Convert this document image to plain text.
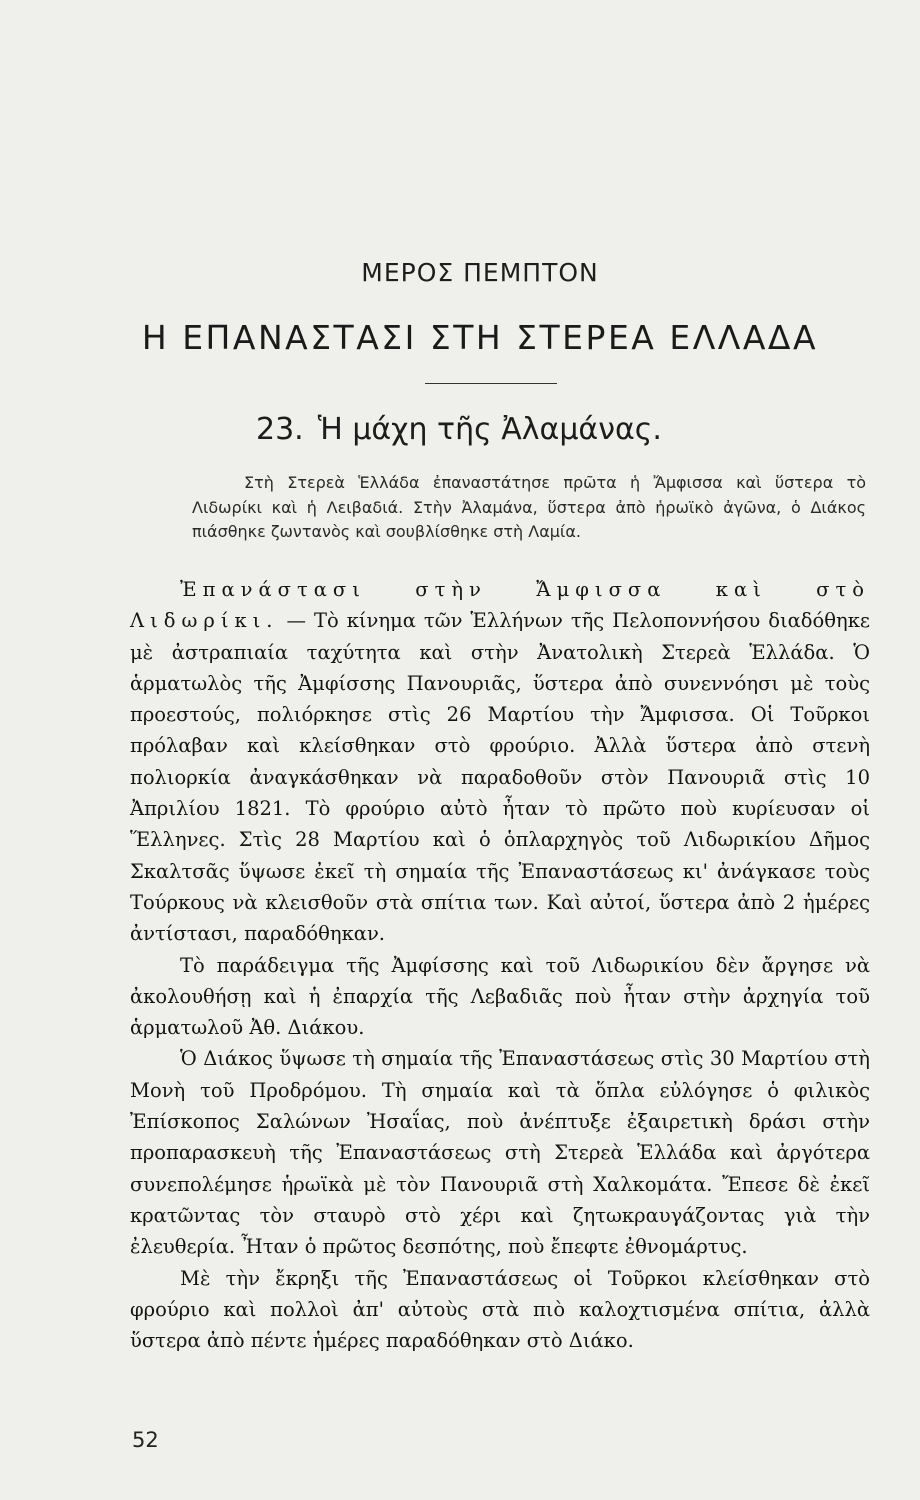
ΜΕΡΟΣ ΠΕΜΠΤΟΝ
Η ΕΠΑΝΑΣΤΑΣΙ ΣΤΗ ΣΤΕΡΕΑ ΕΛΛΑΔΑ
23. Ἡ μάχη τῆς Ἀλαμάνας.
Στὴ Στερεὰ Ἑλλάδα ἐπαναστάτησε πρῶτα ἡ Ἄμφισσα καὶ ὕστερα τὸ Λιδωρίκι καὶ ἡ Λειβαδιά. Στὴν Ἀλαμάνα, ὕστερα ἀπὸ ἡρωϊκὸ ἀγῶνα, ὁ Διάκος πιάσθηκε ζωντανὸς καὶ σουβλίσθηκε στὴ Λαμία.

Ἐπανάστασι στὴν Ἄμφισσα καὶ στὸ Λιδωρίκι. — Τὸ κίνημα τῶν Ἑλλήνων τῆς Πελοποννήσου διαδόθηκε μὲ ἀστραπιαία ταχύτητα καὶ στὴν Ἀνατολικὴ Στερεὰ Ἑλλάδα. Ὁ ἁρματωλὸς τῆς Ἀμφίσσης Πανουριᾶς, ὕστερα ἀπὸ συνεννόησι μὲ τοὺς προεστούς, πολιόρκησε στὶς 26 Μαρτίου τὴν Ἄμφισσα. Οἱ Τοῦρκοι πρόλαβαν καὶ κλείσθηκαν στὸ φρούριο. Ἀλλὰ ὕστερα ἀπὸ στενὴ πολιορκία ἀναγκάσθηκαν νὰ παραδοθοῦν στὸν Πανουριᾶ στὶς 10 Ἀπριλίου 1821. Τὸ φρούριο αὐτὸ ἦταν τὸ πρῶτο ποὺ κυρίευσαν οἱ Ἕλληνες. Στὶς 28 Μαρτίου καὶ ὁ ὁπλαρχηγὸς τοῦ Λιδωρικίου Δῆμος Σκαλτσᾶς ὕψωσε ἐκεῖ τὴ σημαία τῆς Ἐπαναστάσεως κι' ἀνάγκασε τοὺς Τούρκους νὰ κλεισθοῦν στὰ σπίτια των. Καὶ αὐτοί, ὕστερα ἀπὸ 2 ἡμέρες ἀντίστασι, παραδόθηκαν.

Τὸ παράδειγμα τῆς Ἀμφίσσης καὶ τοῦ Λιδωρικίου δὲν ἄργησε νὰ ἀκολουθήσῃ καὶ ἡ ἐπαρχία τῆς Λεβαδιᾶς ποὺ ἦταν στὴν ἀρχηγία τοῦ ἁρματωλοῦ Ἀθ. Διάκου.

Ὁ Διάκος ὕψωσε τὴ σημαία τῆς Ἐπαναστάσεως στὶς 30 Μαρτίου στὴ Μονὴ τοῦ Προδρόμου. Τὴ σημαία καὶ τὰ ὅπλα εὐλόγησε ὁ φιλικὸς Ἐπίσκοπος Σαλώνων Ἠσαΐας, ποὺ ἀνέπτυξε ἐξαιρετικὴ δράσι στὴν προπαρασκευὴ τῆς Ἐπαναστάσεως στὴ Στερεὰ Ἑλλάδα καὶ ἀργότερα συνεπολέμησε ἡρωϊκὰ μὲ τὸν Πανουριᾶ στὴ Χαλκομάτα. Ἔπεσε δὲ ἐκεῖ κρατῶντας τὸν σταυρὸ στὸ χέρι καὶ ζητωκραυγάζοντας γιὰ τὴν ἐλευθερία. Ἦταν ὁ πρῶτος δεσπότης, ποὺ ἔπεφτε ἐθνομάρτυς.

Μὲ τὴν ἔκρηξι τῆς Ἐπαναστάσεως οἱ Τοῦρκοι κλείσθηκαν στὸ φρούριο καὶ πολλοὶ ἀπ' αὐτοὺς στὰ πιὸ καλοχτισμένα σπίτια, ἀλλὰ ὕστερα ἀπὸ πέντε ἡμέρες παραδόθηκαν στὸ Διάκο.

52
